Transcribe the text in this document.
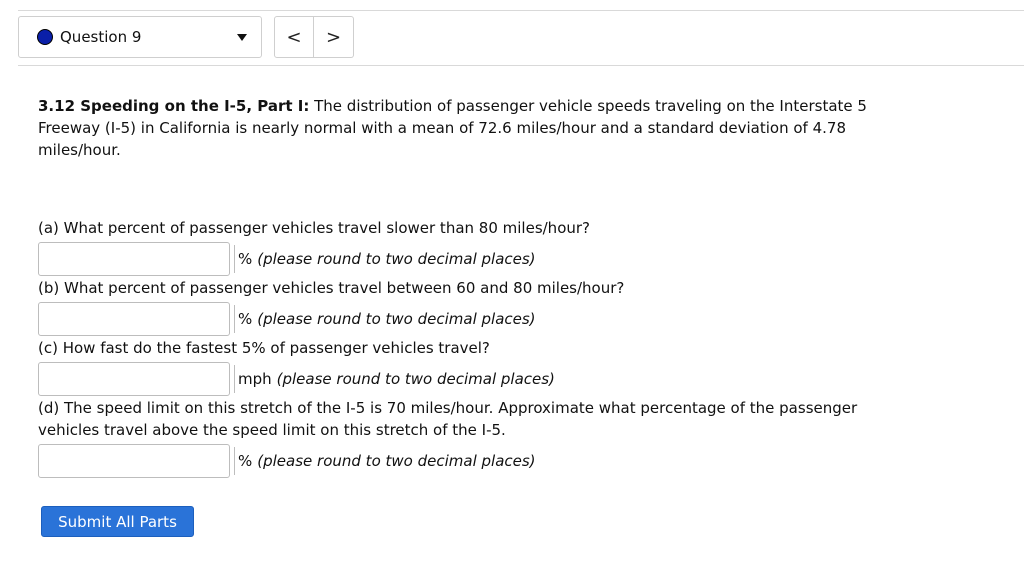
Question 9	< >

3.12 Speeding on the I-5, Part I: The distribution of passenger vehicle speeds traveling on the Interstate 5 Freeway (I-5) in California is nearly normal with a mean of 72.6 miles/hour and a standard deviation of 4.78 miles/hour.

(a) What percent of passenger vehicles travel slower than 80 miles/hour?

% (please round to two decimal places)

(b) What percent of passenger vehicles travel between 60 and 80 miles/hour?

% (please round to two decimal places)

(c) How fast do the fastest 5% of passenger vehicles travel?

mph (please round to two decimal places)

(d) The speed limit on this stretch of the I-5 is 70 miles/hour. Approximate what percentage of the passenger vehicles travel above the speed limit on this stretch of the I-5.

% (please round to two decimal places)
Submit All Parts
